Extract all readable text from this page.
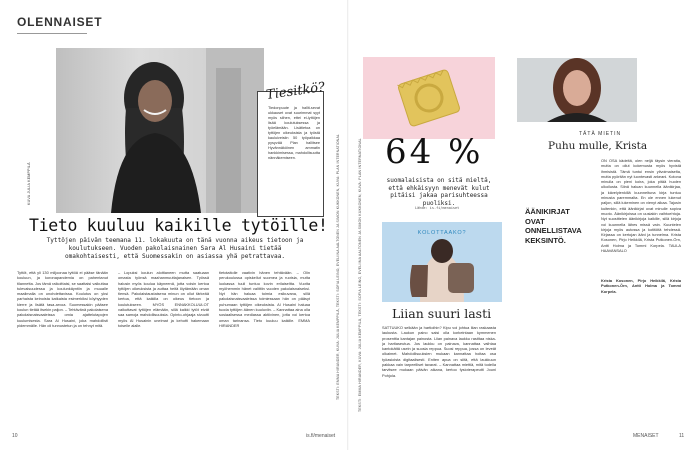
OLENNAISET
Tiesitkö?
Tiedonpuute ja hallit-sevat ukkauset ovat suurimmat syyt myös siihen, ettei ei-lyttöjen lisää koulutuksessa ja työelämään. Lisätietoa on tyttöjen oikeuksista ja työstä kauluiveisiin 50 työpaikkaa pysyvää Plan hallitsee Hyvännäköinen ammatin hankkimisessa, mahdollisuutta nännäkemiseen.
KUVA JULIA KEMPPILÄ
Tieto kuuluu kaikille tytöille!
Tyttöjen päivän teemana 11. lokakuuta on tänä vuonna aikeus tietoon ja koulutukseen. Vuoden pakolaisnainen Sara Al Husaini tietää omakohtaisesti, että Suomessakin on asiassa yhä petrattavaa.

Tyttöt, että yli 130 miljoonaa tyttöä ei pääse tänään kouluun, ja koronapandemia on pahentanut tilannetta. Jos tämä raikoittaisi, se saattaisi vaikuttaa tulevaisuudessa ja koulunkäyntiin ja muualle maailmalla on unohdettavissa. Koulutus on yksi parhaista keinoista katkaista esimerkiksi köyhyyden kierre ja lisätä tasa-arvoa. Suomessakin pääsee koulun tietää itsekin paljon. – Tehtävänä pakolaisena pakolaisnaisvaaleissa omia ajattelutapojen kuulumisesta. Sara Al Husaini, joka mahdollisti pidemmälle. Hän oli tunnustetun ja on tehnyt mitä.

– Lopuksi koulun aloittaneen mutta saatuaan omasta työnsä maahanmuuttajanaisen. Työssä halusin myös koulua käyneenä, jotta voisin kertoa tyttöjen oikeuksista ja auttaa heitä löytämään oman tiensä. Pakolaistaustaisena minun on ollut tärkeää kertoa, että kaikilla on oikeus tietoon ja koulutukseen. MYÖS ENNAKKOLUULOT vaikuttavat tyttöjen elämään, sillä kaikki tytöt eivät saa samoja mahdollisuuksia. Opinto-ohjaaja sivuutti myös Al Husainin unelmat ja kehotti hakemaan toiselle alalle.

tietotaitolle vaativin hänen tehtävään. – Olin perukoulussa opiskellut suomea ja ruotsia, mutta luokassa tuuli tuntuu kovin erilaiseltta. Vuotta myöhemmin hänet valittiin vuoden pakolaisnaiseksi. Nyt hän haluaa toimia esikuvana, sillä pakolaisnaisvaaleissa toimiessaan hän on pääsyt puhumaan tyttöjen oikeuksista. Al Husaini haluaa tuoda tyttöjen äänen kuuluviin. – Kannattaa aina olla sosiaalisessa mediassa aktiivinen, jotta voi kertoa oman tarinansa. Tieto kuuluu kaikille. EMMA HIRANDER	TEKSTI: EMMA HIRANDER, KUVA: JULIA KEMPPILÄ, TEKSTI: SOFIA LEINO, EVELIINA AALTONEN JA SIMON KUKKONEN, KUVA: PLAN INTERNATIONAL
10	is.fi/menaiset
64 %
suomalaisista on sitä mieltä, että ehkäisyyn menevät kulut pitäisi jakaa parisuhteessa puoliksi.
Lähde: is.fi/menaiset
TEKSTI: EMMA HIRANDER, KUVA: JULIA KEMPPILÄ, TEKSTI: SOFIA LEINO, EVELIINA AALTONEN JA SIMON KUKKONEN, KUVA: PLAN INTERNATIONAL	KOLOTTAAKO?
Liian suuri lasti
SATTUUKO selkään ja hartioihin? Kipu voi johtua liian raskaasta laukusta. Laukun paino saisi olla korkeintaan kymmenen prosenttia kantajan painosta. Liian painava laukku rasittaa niska- ja hartiaseutua. Jos laukku on painava, kannattaa vaihtaa kantokättä usein ja suosia reppua. Suosi reppua, jossa on leveät olkaimet. Mahdollisuuksien mukaan kannattaa hoitaa osa työasioista digitaalisesti. Eniten apua on siitä, että laukkuun pakkaa vain tarpeelliset tavarat. – Kannattaa miettiä, mitä todella tarvitsee mukaan päivän aikana, kertoo fysioterapeutti Jouni Pohjola.
TÄTÄ MIETIN
Puhu mulle, Krista
ÄÄNIKIRJAT OVAT ONNELLISTAVA KEKSINTÖ.
ON OSA kädeltä, olen neljä täysin vieraita, mutta on ollut kokemusta myös hyvistä ihmisistä. Tämä tuntui ensin ylivoimaiselta, mutta pyöritän nyt luontevasti arkeani. Kotona minulla on pieni koira, joka pitää huolen ulkoilusta. Siinä haluan kuunnella äänikirjaa, ja kävelylenkillä kuunneltuna kirja tuntuu minusta paremmalta. En ole ennen lukenut paljon, sillä lukeminen on vienyt aikaa. Tajusin kuitenkin, että äänikirjat ovat minulle sopiva muoto. Äänikirjoissa on uusiakin vaihtoehtoja. Nyt suosittelen äänikirjoja kaikille, sillä kirjoja voi kuunnella lähes missä vain. Kuuntelen kirjoja myös autossa ja kotitöitä tehdessä. Kirjassa on kertojan ääni ja tunnelma. Krista Kosonen, Pirjo Heikkilä, Krista Putkonen-Örn, Antti Holma ja Tommi Korpela. TAULA HAAVANSALO
Krista Kosonen, Pirjo Heikkilä, Krista Putkonen-Örn, Antti Holma ja Tommi Korpela.
MENAISET	11
